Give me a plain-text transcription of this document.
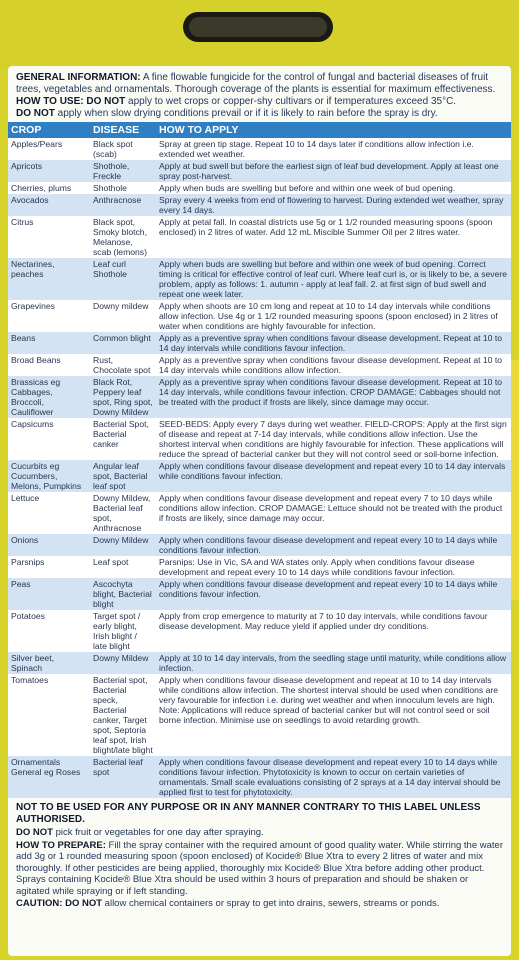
GENERAL INFORMATION: A fine flowable fungicide for the control of fungal and bacterial diseases of fruit trees, vegetables and ornamentals. Thorough coverage of the plants is essential for maximum effectiveness.

HOW TO USE: DO NOT apply to wet crops or copper-shy cultivars or if temperatures exceed 35°C.

DO NOT apply when slow drying conditions prevail or if it is likely to rain before the spray is dry.

CROP	DISEASE	HOW TO APPLY
Apples/Pears	Black spot (scab)	Spray at green tip stage. Repeat 10 to 14 days later if conditions allow infection i.e. extended wet weather.
Apricots	Shothole, Freckle	Apply at bud swell but before the earliest sign of leaf bud development. Apply at least one spray post-harvest.
Cherries, plums	Shothole	Apply when buds are swelling but before and within one week of bud opening.
Avocados	Anthracnose	Spray every 4 weeks from end of flowering to harvest. During extended wet weather, spray every 14 days.
Citrus	Black spot, Smoky blotch, Melanose, scab (lemons)	Apply at petal fall. In coastal districts use 5g or 1 1/2 rounded measuring spoons (spoon enclosed) in 2 litres of water. Add 12 mL Miscible Summer Oil per 2 litres water.
Nectarines, peaches	Leaf curl Shothole	Apply when buds are swelling but before and within one week of bud opening. Correct timing is critical for effective control of leaf curl. Where leaf curl is, or is likely to be, a severe problem, apply as follows: 1. autumn - apply at leaf fall. 2. at first sign of bud swell and repeat one week later.
Grapevines	Downy mildew	Apply when shoots are 10 cm long and repeat at 10 to 14 day intervals while conditions allow infection. Use 4g or 1 1/2 rounded measuring spoons (spoon enclosed) in 2 litres of water when conditions are highly favourable for infection.
Beans	Common blight	Apply as a preventive spray when conditions favour disease development. Repeat at 10 to 14 day intervals while conditions favour infection.
Broad Beans	Rust, Chocolate spot	Apply as a preventive spray when conditions favour disease development. Repeat at 10 to 14 day intervals while conditions allow infection.
Brassicas eg Cabbages, Broccoli, Cauliflower	Black Rot, Peppery leaf spot, Ring spot, Downy Mildew	Apply as a preventive spray when conditions favour disease development. Repeat at 10 to 14 day intervals, while conditions favour infection. CROP DAMAGE: Cabbages should not be treated with the product if frosts are likely, since damage may occur.
Capsicums	Bacterial Spot, Bacterial canker	SEED-BEDS: Apply every 7 days during wet weather. FIELD-CROPS: Apply at the first sign of disease and repeat at 7-14 day intervals, while conditions allow infection. Use the shortest interval when conditions are highly favourable for infection. These applications will reduce the spread of bacterial canker but they will not control seed or soil-borne infection.
Cucurbits eg Cucumbers, Melons, Pumpkins	Angular leaf spot, Bacterial leaf spot	Apply when conditions favour disease development and repeat every 10 to 14 day intervals while conditions favour infection.
Lettuce	Downy Mildew, Bacterial leaf spot, Anthracnose	Apply when conditions favour disease development and repeat every 7 to 10 days while conditions allow infection. CROP DAMAGE: Lettuce should not be treated with the product if frosts are likely, since damage may occur.
Onions	Downy Mildew	Apply when conditions favour disease development and repeat every 10 to 14 days while conditions favour infection.
Parsnips	Leaf spot	Parsnips: Use in Vic, SA and WA states only. Apply when conditions favour disease development and repeat every 10 to 14 days while conditions favour infection.
Peas	Ascochyta blight, Bacterial blight	Apply when conditions favour disease development and repeat every 10 to 14 days while conditions favour infection.
Potatoes	Target spot / early blight, Irish blight / late blight	Apply from crop emergence to maturity at 7 to 10 day intervals, while conditions favour disease development. May reduce yield if applied under dry conditions.
Silver beet, Spinach	Downy Mildew	Apply at 10 to 14 day intervals, from the seedling stage until maturity, while conditions allow infection.
Tomatoes	Bacterial spot, Bacterial speck, Bacterial canker, Target spot, Septoria leaf spot, Irish blight/late blight	Apply when conditions favour disease development and repeat at 10 to 14 day intervals while conditions allow infection. The shortest interval should be used when conditions are very favourable for infection i.e. during wet weather and when innoculum levels are high. Note: Applications will reduce spread of bacterial canker but will not control seed or soil borne infection. Minimise use on seedlings to avoid retarding growth.
Ornamentals General eg Roses	Bacterial leaf spot	Apply when conditions favour disease development and repeat every 10 to 14 days while conditions favour infection. Phytotoxicity is known to occur on certain varieties of ornamentals. Small scale evaluations consisting of 2 sprays at a 14 day interval should be applied first to test for phytotoxicity.

NOT TO BE USED FOR ANY PURPOSE OR IN ANY MANNER CONTRARY TO THIS LABEL UNLESS AUTHORISED.

DO NOT pick fruit or vegetables for one day after spraying.

HOW TO PREPARE: Fill the spray container with the required amount of good quality water. While stirring the water add 3g or 1 rounded measuring spoon (spoon enclosed) of Kocide® Blue Xtra to every 2 litres of water and mix thoroughly. If other pesticides are being applied, thoroughly mix Kocide® Blue Xtra before adding other product. Sprays containing Kocide® Blue Xtra should be used within 3 hours of preparation and should be shaken or agitated while spraying or if left standing.

CAUTION: DO NOT allow chemical containers or spray to get into drains, sewers, streams or ponds.
